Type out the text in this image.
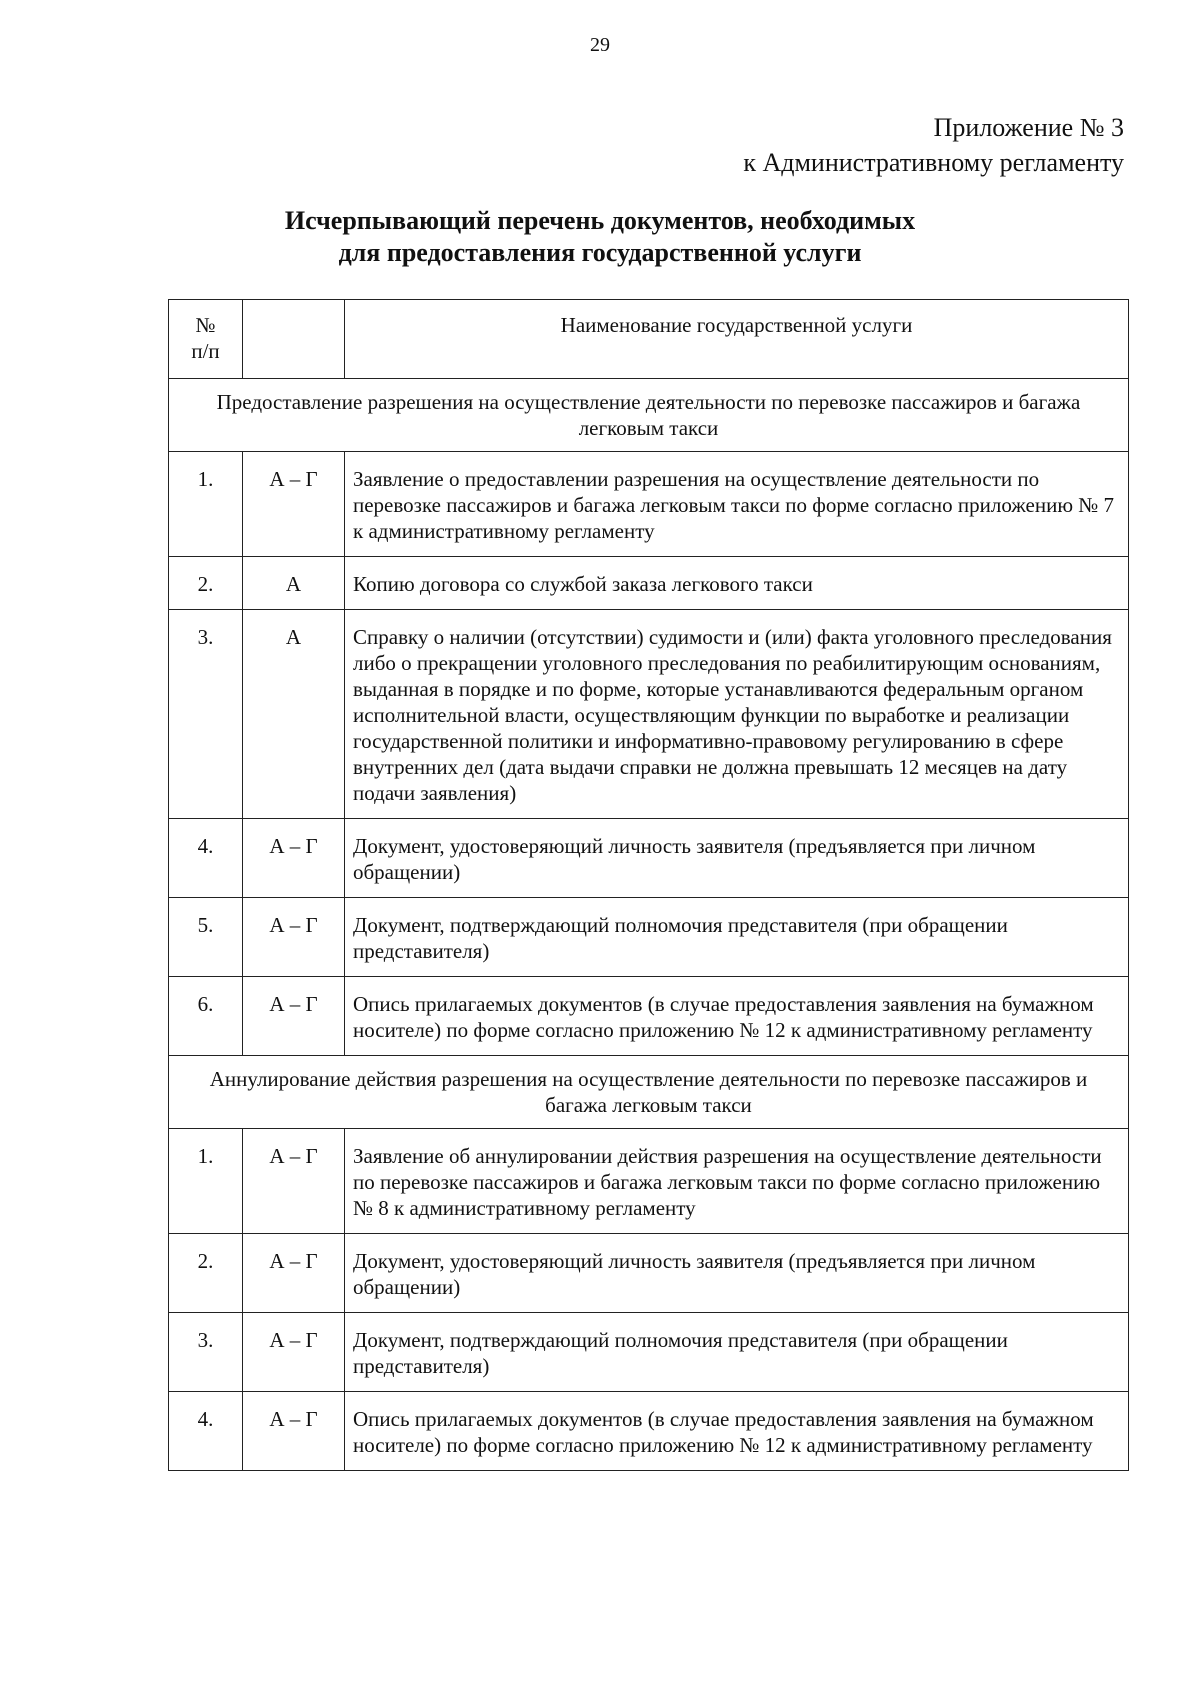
29
Приложение № 3
к Административному регламенту
Исчерпывающий перечень документов, необходимых
для предоставления государственной услуги
№
п/п		Наименование государственной услуги
Предоставление разрешения на осуществление деятельности по перевозке пассажиров и багажа легковым такси		
1.	А – Г	Заявление о предоставлении разрешения на осуществление деятельности по перевозке пассажиров и багажа легковым такси по форме согласно приложению № 7 к административному регламенту
2.	А	Копию договора со службой заказа легкового такси
3.	А	Справку о наличии (отсутствии) судимости и (или) факта уголовного преследования либо о прекращении уголовного преследования по реабилитирующим основаниям, выданная в порядке и по форме, которые устанавливаются федеральным органом исполнительной власти, осуществляющим функции по выработке и реализации государственной политики и информативно-правовому регулированию в сфере внутренних дел (дата выдачи справки не должна превышать 12 месяцев на дату подачи заявления)
4.	А – Г	Документ, удостоверяющий личность заявителя (предъявляется при личном обращении)
5.	А – Г	Документ, подтверждающий полномочия представителя (при обращении представителя)
6.	А – Г	Опись прилагаемых документов (в случае предоставления заявления на бумажном носителе) по форме согласно приложению № 12 к административному регламенту
Аннулирование действия разрешения на осуществление деятельности по перевозке пассажиров и багажа легковым такси		
1.	А – Г	Заявление об аннулировании действия разрешения на осуществление деятельности по перевозке пассажиров и багажа легковым такси по форме согласно приложению № 8 к административному регламенту
2.	А – Г	Документ, удостоверяющий личность заявителя (предъявляется при личном обращении)
3.	А – Г	Документ, подтверждающий полномочия представителя (при обращении представителя)
4.	А – Г	Опись прилагаемых документов (в случае предоставления заявления на бумажном носителе) по форме согласно приложению № 12 к административному регламенту
